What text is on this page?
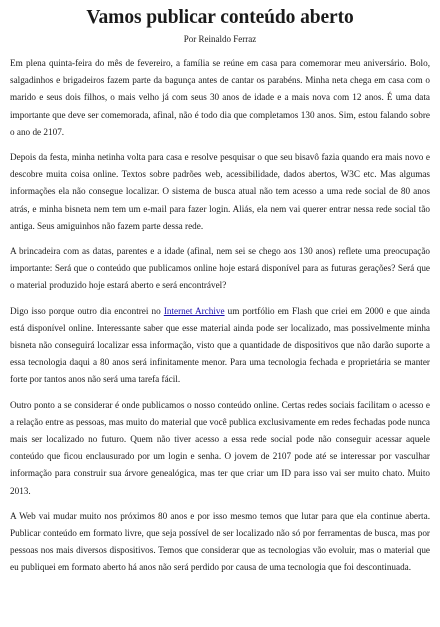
Vamos publicar conteúdo aberto
Por Reinaldo Ferraz

Em plena quinta-feira do mês de fevereiro, a família se reúne em casa para comemorar meu aniversário. Bolo, salgadinhos e brigadeiros fazem parte da bagunça antes de cantar os parabéns. Minha neta chega em casa com o marido e seus dois filhos, o mais velho já com seus 30 anos de idade e a mais nova com 12 anos. É uma data importante que deve ser comemorada, afinal, não é todo dia que completamos 130 anos. Sim, estou falando sobre o ano de 2107.

Depois da festa, minha netinha volta para casa e resolve pesquisar o que seu bisavô fazia quando era mais novo e descobre muita coisa online. Textos sobre padrões web, acessibilidade, dados abertos, W3C etc. Mas algumas informações ela não consegue localizar. O sistema de busca atual não tem acesso a uma rede social de 80 anos atrás, e minha bisneta nem tem um e-mail para fazer login. Aliás, ela nem vai querer entrar nessa rede social tão antiga. Seus amiguinhos não fazem parte dessa rede.

A brincadeira com as datas, parentes e a idade (afinal, nem sei se chego aos 130 anos) reflete uma preocupação importante: Será que o conteúdo que publicamos online hoje estará disponível para as futuras gerações? Será que o material produzido hoje estará aberto e será encontrável?

Digo isso porque outro dia encontrei no Internet Archive um portfólio em Flash que criei em 2000 e que ainda está disponível online. Interessante saber que esse material ainda pode ser localizado, mas possivelmente minha bisneta não conseguirá localizar essa informação, visto que a quantidade de dispositivos que não darão suporte a essa tecnologia daqui a 80 anos será infinitamente menor. Para uma tecnologia fechada e proprietária se manter forte por tantos anos não será uma tarefa fácil.

Outro ponto a se considerar é onde publicamos o nosso conteúdo online. Certas redes sociais facilitam o acesso e a relação entre as pessoas, mas muito do material que você publica exclusivamente em redes fechadas pode nunca mais ser localizado no futuro. Quem não tiver acesso a essa rede social pode não conseguir acessar aquele conteúdo que ficou enclausurado por um login e senha. O jovem de 2107 pode até se interessar por vasculhar informação para construir sua árvore genealógica, mas ter que criar um ID para isso vai ser muito chato. Muito 2013.

A Web vai mudar muito nos próximos 80 anos e por isso mesmo temos que lutar para que ela continue aberta. Publicar conteúdo em formato livre, que seja possível de ser localizado não só por ferramentas de busca, mas por pessoas nos mais diversos dispositivos. Temos que considerar que as tecnologias vão evoluir, mas o material que eu publiquei em formato aberto há anos não será perdido por causa de uma tecnologia que foi descontinuada.
